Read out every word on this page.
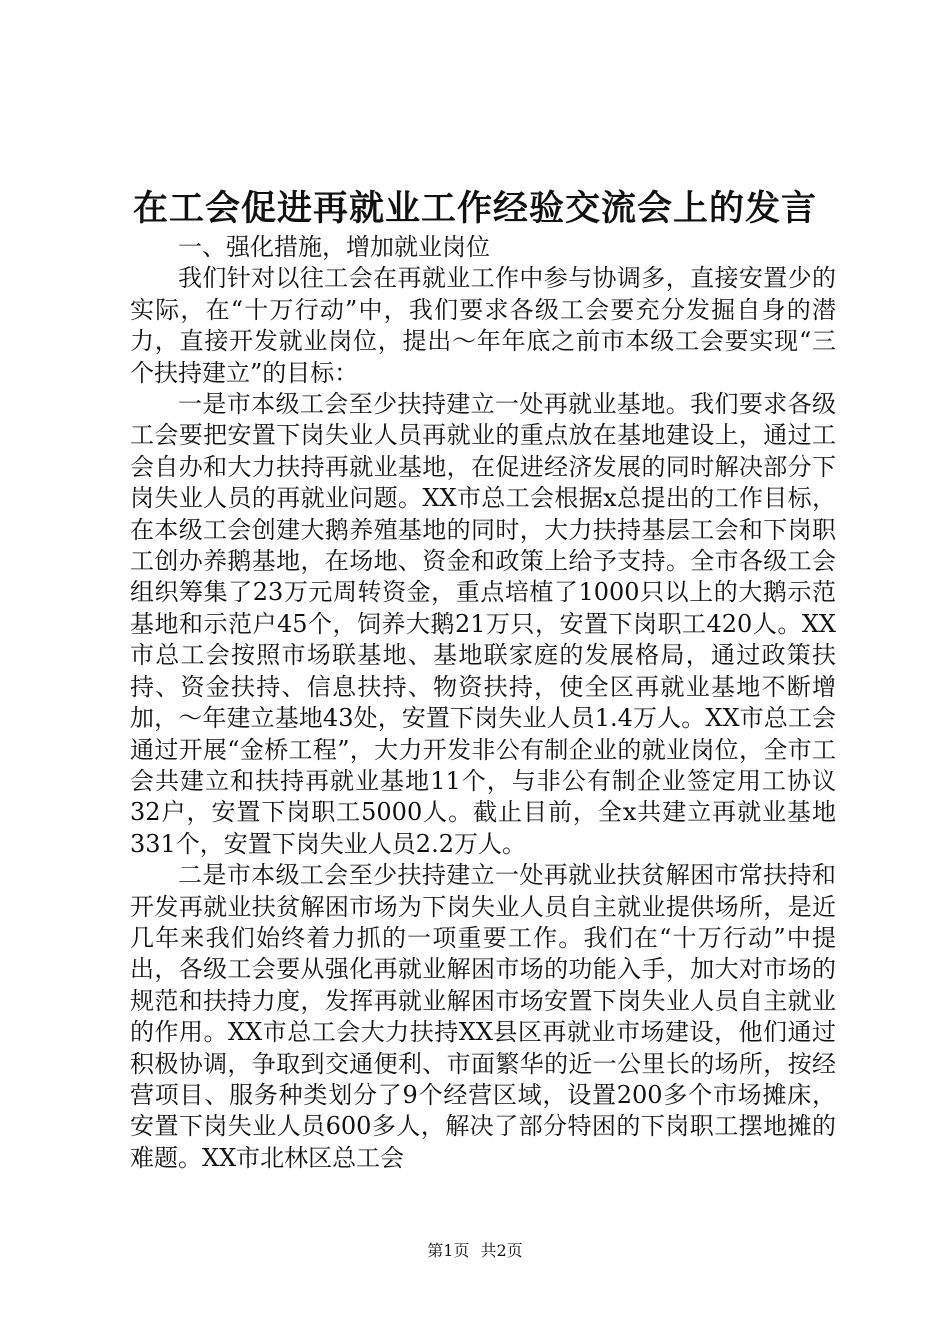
在工会促进再就业工作经验交流会上的发言

一、强化措施，增加就业岗位

我们针对以往工会在再就业工作中参与协调多，直接安置少的实际，在“十万行动”中，我们要求各级工会要充分发掘自身的潜力，直接开发就业岗位，提出～年年底之前市本级工会要实现“三个扶持建立”的目标：

一是市本级工会至少扶持建立一处再就业基地。我们要求各级工会要把安置下岗失业人员再就业的重点放在基地建设上，通过工会自办和大力扶持再就业基地，在促进经济发展的同时解决部分下岗失业人员的再就业问题。XX市总工会根据x总提出的工作目标，在本级工会创建大鹅养殖基地的同时，大力扶持基层工会和下岗职工创办养鹅基地，在场地、资金和政策上给予支持。全市各级工会组织筹集了23万元周转资金，重点培植了1000只以上的大鹅示范基地和示范户45个，饲养大鹅21万只，安置下岗职工420人。XX市总工会按照市场联基地、基地联家庭的发展格局，通过政策扶持、资金扶持、信息扶持、物资扶持，使全区再就业基地不断增加，～年建立基地43处，安置下岗失业人员1.4万人。XX市总工会通过开展“金桥工程”，大力开发非公有制企业的就业岗位，全市工会共建立和扶持再就业基地11个，与非公有制企业签定用工协议32户，安置下岗职工5000人。截止目前，全x共建立再就业基地331个，安置下岗失业人员2.2万人。

二是市本级工会至少扶持建立一处再就业扶贫解困市常扶持和开发再就业扶贫解困市场为下岗失业人员自主就业提供场所，是近几年来我们始终着力抓的一项重要工作。我们在“十万行动”中提出，各级工会要从强化再就业解困市场的功能入手，加大对市场的规范和扶持力度，发挥再就业解困市场安置下岗失业人员自主就业的作用。XX市总工会大力扶持XX县区再就业市场建设，他们通过积极协调，争取到交通便利、市面繁华的近一公里长的场所，按经营项目、服务种类划分了9个经营区域，设置200多个市场摊床，安置下岗失业人员600多人，解决了部分特困的下岗职工摆地摊的难题。XX市北林区总工会

第1页 共2页
